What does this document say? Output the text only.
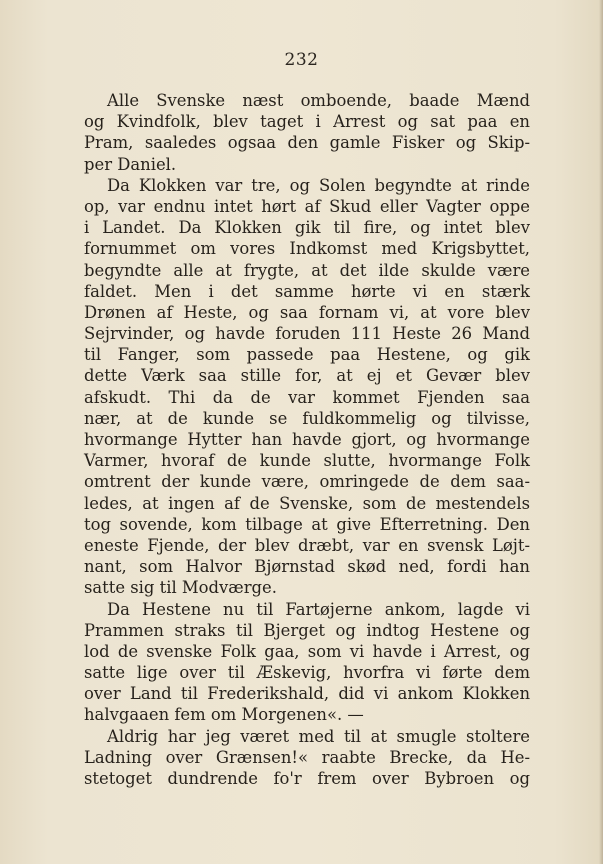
232
Alle Svenske næst omboende, baade Mænd
og Kvindfolk, blev taget i Arrest og sat paa en
Pram, saaledes ogsaa den gamle Fisker og Skip-
per Daniel.
Da Klokken var tre, og Solen begyndte at rinde
op, var endnu intet hørt af Skud eller Vagter oppe
i Landet. Da Klokken gik til fire, og intet blev
fornummet om vores Indkomst med Krigsbyttet,
begyndte alle at frygte, at det ilde skulde være
faldet. Men i det samme hørte vi en stærk
Drønen af Heste, og saa fornam vi, at vore blev
Sejrvinder, og havde foruden 111 Heste 26 Mand
til Fanger, som passede paa Hestene, og gik
dette Værk saa stille for, at ej et Gevær blev
afskudt. Thi da de var kommet Fjenden saa
nær, at de kunde se fuldkommelig og tilvisse,
hvormange Hytter han havde gjort, og hvormange
Varmer, hvoraf de kunde slutte, hvormange Folk
omtrent der kunde være, omringede de dem saa-
ledes, at ingen af de Svenske, som de mestendels
tog sovende, kom tilbage at give Efterretning. Den
eneste Fjende, der blev dræbt, var en svensk Løjt-
nant, som Halvor Bjørnstad skød ned, fordi han
satte sig til Modværge.
Da Hestene nu til Fartøjerne ankom, lagde vi
Prammen straks til Bjerget og indtog Hestene og
lod de svenske Folk gaa, som vi havde i Arrest, og
satte lige over til Æskevig, hvorfra vi førte dem
over Land til Frederikshald, did vi ankom Klokken
halvgaaen fem om Morgenen«. —
Aldrig har jeg været med til at smugle stoltere
Ladning over Grænsen!« raabte Brecke, da He-
stetoget dundrende fo'r frem over Bybroen og
